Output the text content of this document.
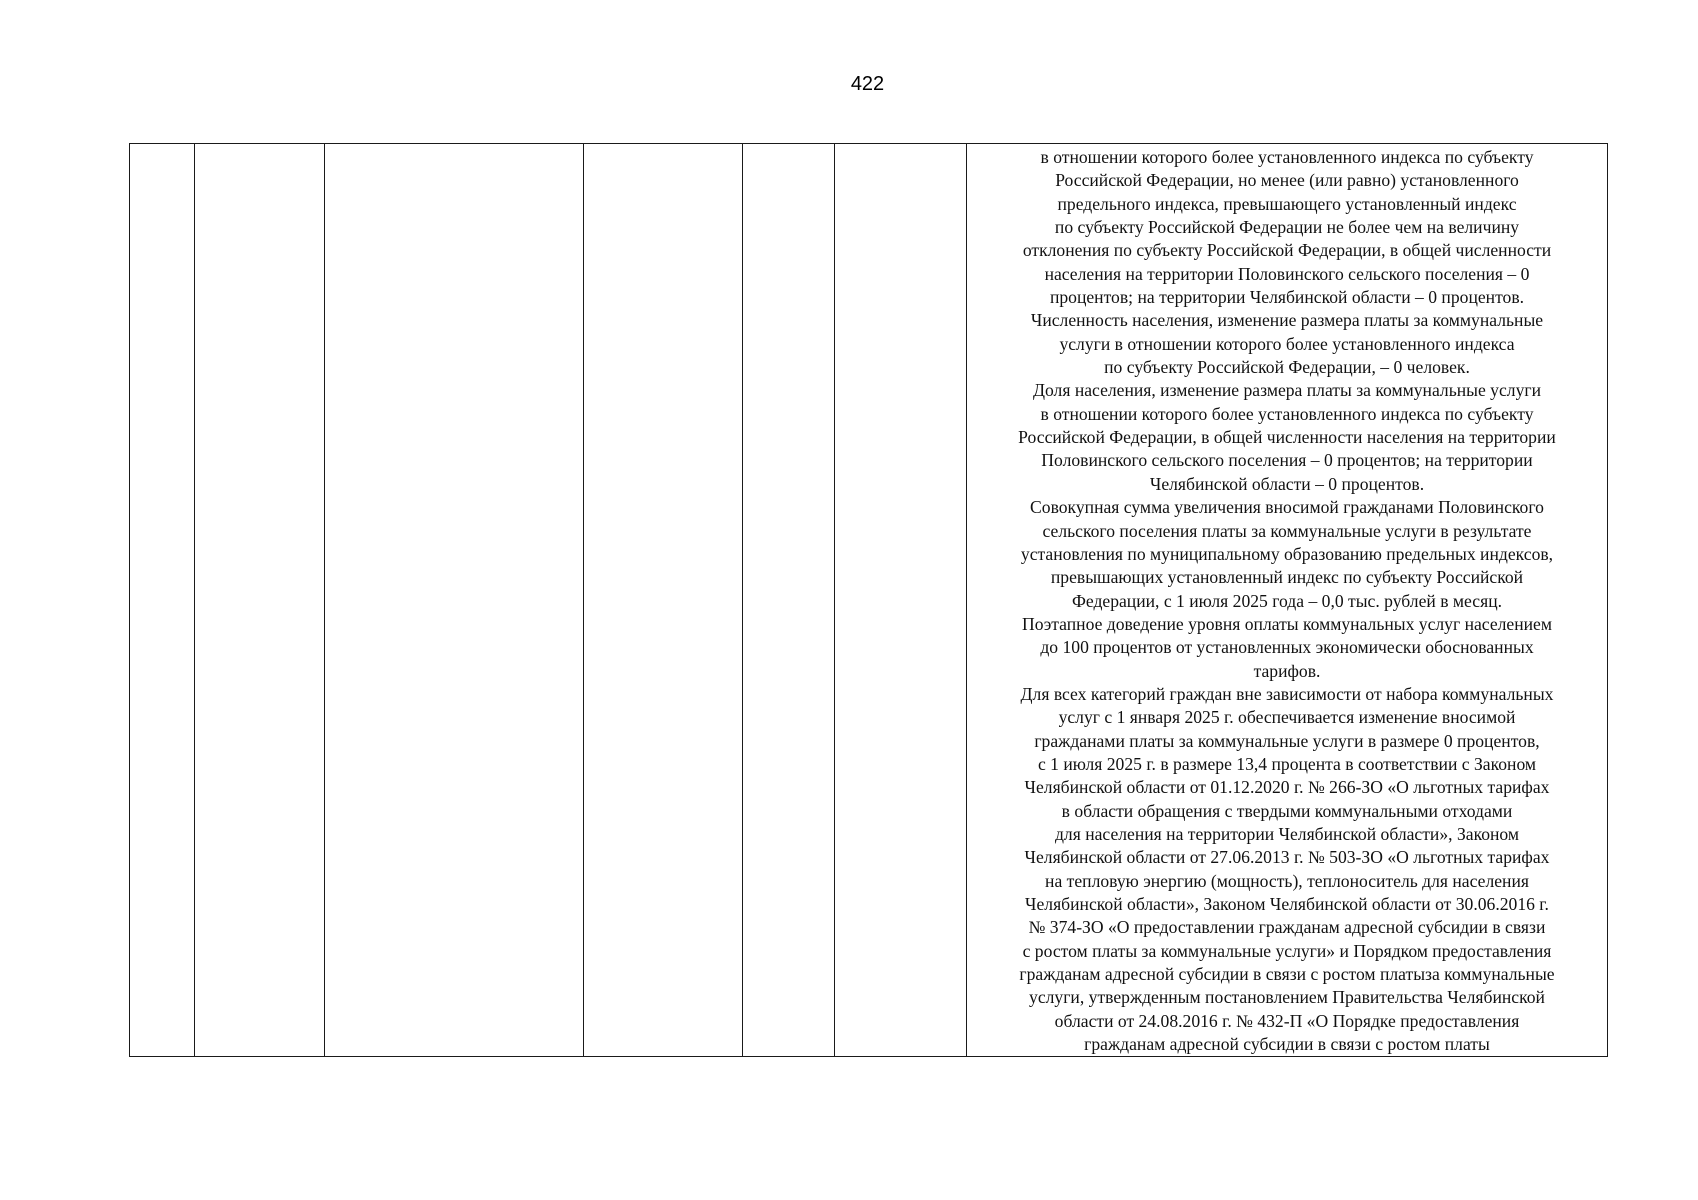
422

в отношении которого более установленного индекса по субъекту
Российской Федерации, но менее (или равно) установленного
предельного индекса, превышающего установленный индекс
по субъекту Российской Федерации не более чем на величину
отклонения по субъекту Российской Федерации, в общей численности
населения на территории Половинского сельского поселения – 0
процентов; на территории Челябинской области – 0 процентов.
Численность населения, изменение размера платы за коммунальные
услуги в отношении которого более установленного индекса
по субъекту Российской Федерации, – 0 человек.
Доля населения, изменение размера платы за коммунальные услуги
в отношении которого более установленного индекса по субъекту
Российской Федерации, в общей численности населения на территории
Половинского сельского поселения – 0 процентов; на территории
Челябинской области – 0 процентов.
Совокупная сумма увеличения вносимой гражданами Половинского
сельского поселения платы за коммунальные услуги в результате
установления по муниципальному образованию предельных индексов,
превышающих установленный индекс по субъекту Российской
Федерации, с 1 июля 2025 года – 0,0 тыс. рублей в месяц.
Поэтапное доведение уровня оплаты коммунальных услуг населением
до 100 процентов от установленных экономически обоснованных
тарифов.
Для всех категорий граждан вне зависимости от набора коммунальных
услуг с 1 января 2025 г. обеспечивается изменение вносимой
гражданами платы за коммунальные услуги в размере 0 процентов,
с 1 июля 2025 г. в размере 13,4 процента в соответствии с Законом
Челябинской области от 01.12.2020 г. № 266-ЗО «О льготных тарифах
в области обращения с твердыми коммунальными отходами
для населения на территории Челябинской области», Законом
Челябинской области от 27.06.2013 г. № 503-ЗО «О льготных тарифах
на тепловую энергию (мощность), теплоноситель для населения
Челябинской области», Законом Челябинской области от 30.06.2016 г.
№ 374-ЗО «О предоставлении гражданам адресной субсидии в связи
с ростом платы за коммунальные услуги» и Порядком предоставления
гражданам адресной субсидии в связи с ростом платыза коммунальные
услуги, утвержденным постановлением Правительства Челябинской
области от 24.08.2016 г. № 432-П «О Порядке предоставления
гражданам адресной субсидии в связи с ростом платы
